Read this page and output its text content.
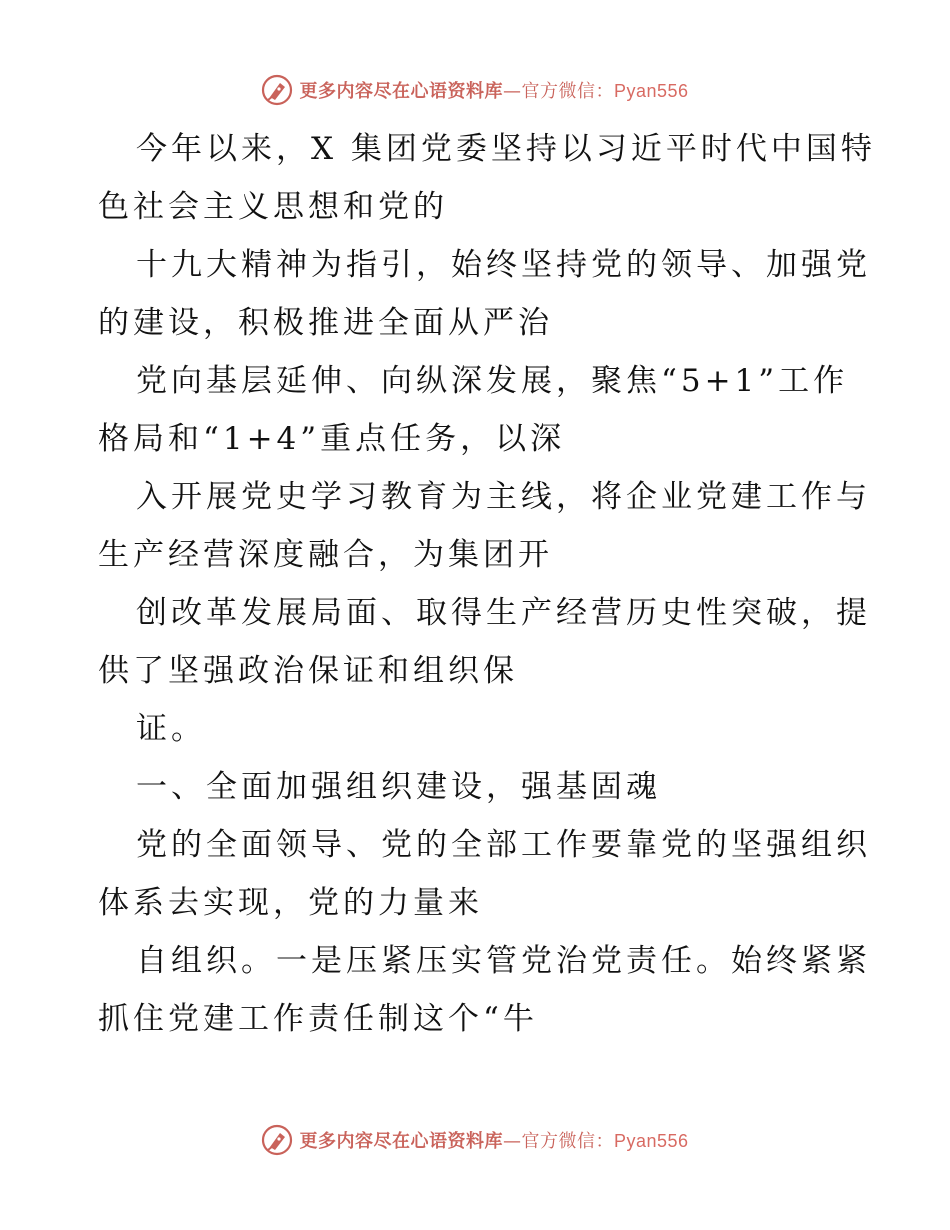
更多内容尽在心语资料库—官方微信：Pyan556

今年以来，X 集团党委坚持以习近平时代中国特

色社会主义思想和党的

十九大精神为指引，始终坚持党的领导、加强党

的建设，积极推进全面从严治

党向基层延伸、向纵深发展，聚焦“5+1”工作

格局和“1+4”重点任务，以深

入开展党史学习教育为主线，将企业党建工作与

生产经营深度融合，为集团开

创改革发展局面、取得生产经营历史性突破，提

供了坚强政治保证和组织保

证。

一、全面加强组织建设，强基固魂

党的全面领导、党的全部工作要靠党的坚强组织

体系去实现，党的力量来

自组织。一是压紧压实管党治党责任。始终紧紧

抓住党建工作责任制这个“牛

更多内容尽在心语资料库—官方微信：Pyan556
